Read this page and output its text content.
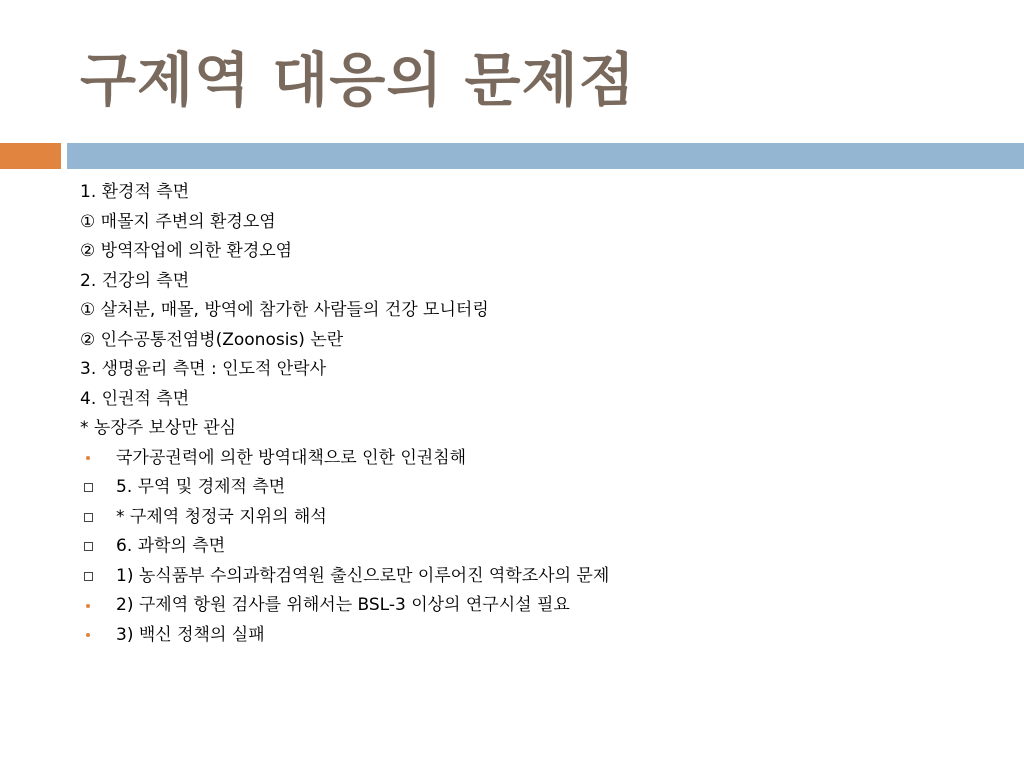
구제역 대응의 문제점
1. 환경적 측면
① 매몰지 주변의 환경오염
② 방역작업에 의한 환경오염
2. 건강의 측면
① 살처분, 매몰, 방역에 참가한 사람들의 건강 모니터링
② 인수공통전염병(Zoonosis) 논란
3. 생명윤리 측면 : 인도적 안락사
4. 인권적 측면
* 농장주 보상만 관심
국가공권력에 의한 방역대책으로 인한 인권침해
5. 무역 및 경제적 측면
* 구제역 청정국 지위의 해석
6. 과학의 측면
1) 농식품부 수의과학검역원 출신으로만 이루어진 역학조사의 문제
2) 구제역 항원 검사를 위해서는 BSL-3 이상의 연구시설 필요
3) 백신 정책의 실패
